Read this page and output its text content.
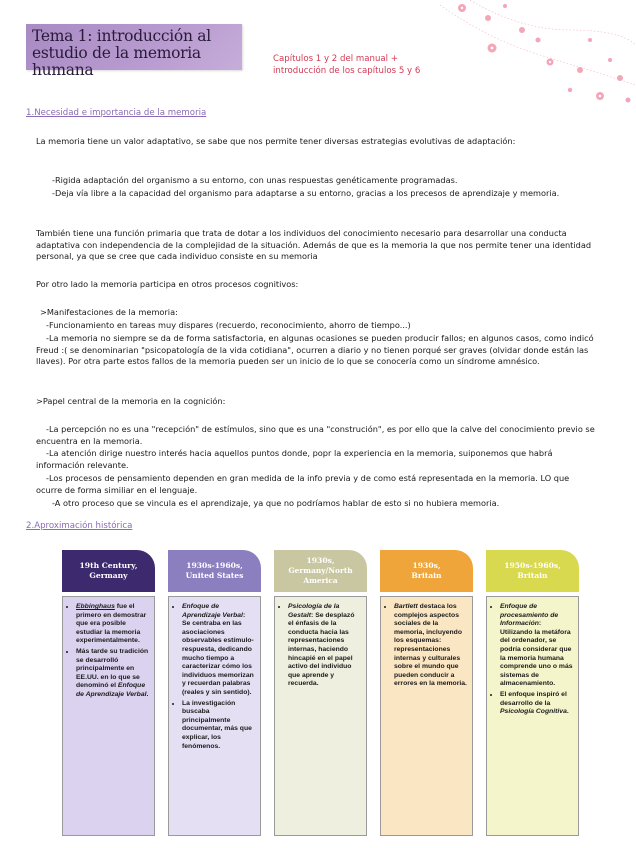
Tema 1: introducción al estudio de la memoria humana
Capítulos 1 y 2 del manual +
introducción de los capítulos 5 y 6
1.Necesidad e importancia de la memoria
La memoria tiene un valor adaptativo, se sabe que nos permite tener diversas estrategias evolutivas de adaptación:
-Rigida adaptación del organismo a su entorno, con unas respuestas genéticamente programadas.
-Deja vía libre a la capacidad del organismo para adaptarse a su entorno, gracias a los precesos de aprendizaje y memoria.
También tiene una función primaria que trata de dotar a los individuos del conocimiento necesario para desarrollar una conducta adaptativa con independencia de la complejidad de la situación. Además de que es la memoria la que nos permite tener una identidad personal, ya que se cree que cada individuo consiste en su memoria
Por otro lado la memoria participa en otros procesos cognitivos:
>Manifestaciones de la memoria:
-Funcionamiento en tareas muy dispares (recuerdo, reconocimiento, ahorro de tiempo...)
-La memoria no siempre se da de forma satisfactoria, en algunas ocasiones se pueden producir fallos; en algunos casos, como indicó Freud :( se denominarian "psicopatología de la vida cotidiana", ocurren a diario y no tienen porqué ser graves (olvidar donde están las llaves). Por otra parte estos fallos de la memoria pueden ser un inicio de lo que se conocería como un síndrome amnésico.
>Papel central de la memoria en la cognición:
-La percepción no es una "recepción" de estímulos, sino que es una "construción", es por ello que la calve del conocimiento previo se encuentra en la memoria.
-La atención dirige nuestro interés hacia aquellos puntos donde, popr la experiencia en la memoria, suiponemos que habrá información relevante.
-Los procesos de pensamiento dependen en gran medida de la info previa y de como está representada en la memoria. LO que ocurre de forma similiar en el lenguaje.
-A otro proceso que se vincula es el aprendizaje, ya que no podríamos hablar de esto si no hubiera memoria.
2.Aproximación histórica
19th Century,
Germany
• Ebbinghaus fue el primero en demostrar que era posible estudiar la memoria experimentalmente.
• Más tarde su tradición se desarrolló principalmente en EE.UU. en lo que se denominó el Enfoque de Aprendizaje Verbal.
1930s-1960s,
United States
• Enfoque de Aprendizaje Verbal: Se centraba en las asociaciones observables estímulo-respuesta, dedicando mucho tiempo a caracterizar cómo los individuos memorizan y recuerdan palabras (reales y sin sentido).
• La investigación buscaba principalmente documentar, más que explicar, los fenómenos.
1930s,
Germany/North America
• Psicología de la Gestalt: Se desplazó el énfasis de la conducta hacia las representaciones internas, haciendo hincapié en el papel activo del individuo que aprende y recuerda.
1930s,
Britain
• Bartlett destaca los complejos aspectos sociales de la memoria, incluyendo los esquemas: representaciones internas y culturales sobre el mundo que pueden conducir a errores en la memoria.
1950s-1960s,
Britain
• Enfoque de procesamiento de Información: Utilizando la metáfora del ordenador, se podría considerar que la memoria humana comprende uno o más sistemas de almacenamiento.
• El enfoque inspiró el desarrollo de la Psicología Cognitiva.
